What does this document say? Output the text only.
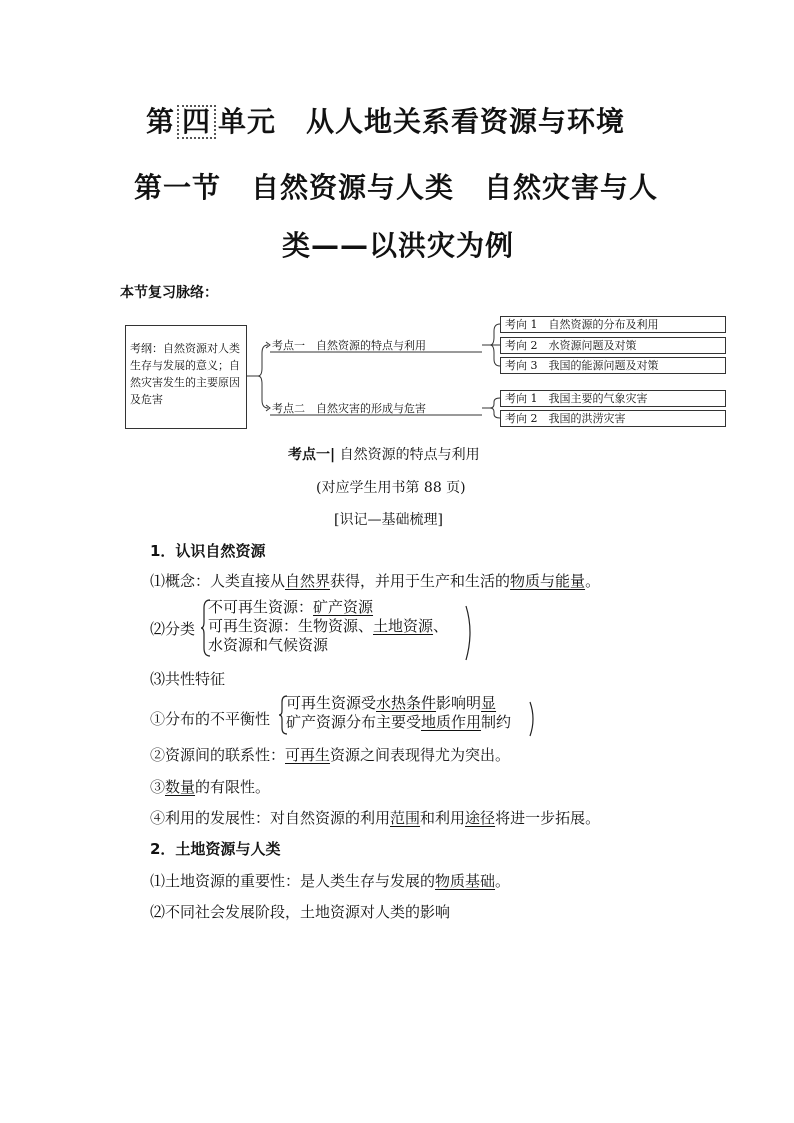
第 四 单元 从人地关系看资源与环境
第一节 自然资源与人类 自然灾害与人
类——以洪灾为例
本节复习脉络：
考纲：自然资源对人类生存与发展的意义；自然灾害发生的主要原因及危害
考点一　自然资源的特点与利用
考点二　自然灾害的形成与危害
考向 1　自然资源的分布及利用
考向 2　水资源问题及对策
考向 3　我国的能源问题及对策
考向 1　我国主要的气象灾害
考向 2　我国的洪涝灾害
考点一| 自然资源的特点与利用
(对应学生用书第 88 页)
[识记—基础梳理]
1．认识自然资源
⑴概念：人类直接从自然界获得，并用于生产和生活的物质与能量。
⑵分类
不可再生资源：矿产资源
可再生资源：生物资源、土地资源、
水资源和气候资源
⑶共性特征
①分布的不平衡性
可再生资源受水热条件影响明显
矿产资源分布主要受地质作用制约
②资源间的联系性：可再生资源之间表现得尤为突出。
③数量的有限性。
④利用的发展性：对自然资源的利用范围和利用途径将进一步拓展。
2．土地资源与人类
⑴土地资源的重要性：是人类生存与发展的物质基础。
⑵不同社会发展阶段，土地资源对人类的影响
